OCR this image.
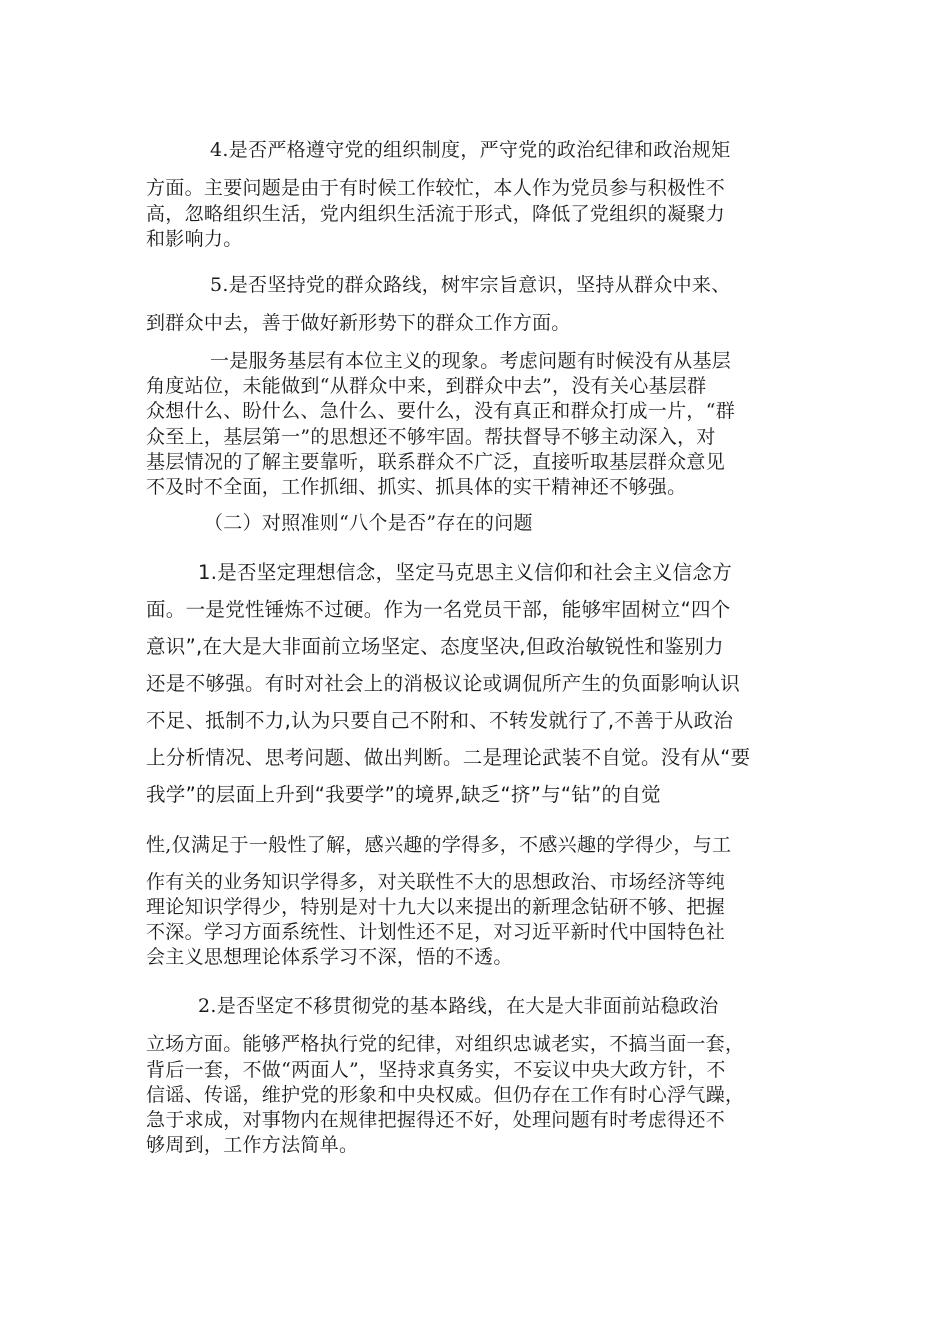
4.是否严格遵守党的组织制度，严守党的政治纪律和政治规矩
方面。主要问题是由于有时候工作较忙，本人作为党员参与积极性不
高，忽略组织生活，党内组织生活流于形式，降低了党组织的凝聚力
和影响力。
5.是否坚持党的群众路线，树牢宗旨意识，坚持从群众中来、
到群众中去，善于做好新形势下的群众工作方面。
一是服务基层有本位主义的现象。考虑问题有时候没有从基层
角度站位，未能做到“从群众中来，到群众中去”，没有关心基层群
众想什么、盼什么、急什么、要什么，没有真正和群众打成一片，“群
众至上，基层第一”的思想还不够牢固。帮扶督导不够主动深入，对
基层情况的了解主要靠听，联系群众不广泛，直接听取基层群众意见
不及时不全面，工作抓细、抓实、抓具体的实干精神还不够强。
（二）对照准则“八个是否”存在的问题
1.是否坚定理想信念，坚定马克思主义信仰和社会主义信念方
面。一是党性锤炼不过硬。作为一名党员干部，能够牢固树立“四个
意识”,在大是大非面前立场坚定、态度坚决,但政治敏锐性和鉴别力
还是不够强。有时对社会上的消极议论或调侃所产生的负面影响认识
不足、抵制不力,认为只要自己不附和、不转发就行了,不善于从政治
上分析情况、思考问题、做出判断。二是理论武装不自觉。没有从“要
我学”的层面上升到“我要学”的境界,缺乏“挤”与“钻”的自觉
性,仅满足于一般性了解，感兴趣的学得多，不感兴趣的学得少，与工
作有关的业务知识学得多，对关联性不大的思想政治、市场经济等纯
理论知识学得少，特别是对十九大以来提出的新理念钻研不够、把握
不深。学习方面系统性、计划性还不足，对习近平新时代中国特色社
会主义思想理论体系学习不深，悟的不透。
2.是否坚定不移贯彻党的基本路线，在大是大非面前站稳政治
立场方面。能够严格执行党的纪律，对组织忠诚老实，不搞当面一套，
背后一套，不做“两面人”，坚持求真务实，不妄议中央大政方针，不
信谣、传谣，维护党的形象和中央权威。但仍存在工作有时心浮气躁，
急于求成，对事物内在规律把握得还不好，处理问题有时考虑得还不
够周到，工作方法简单。
